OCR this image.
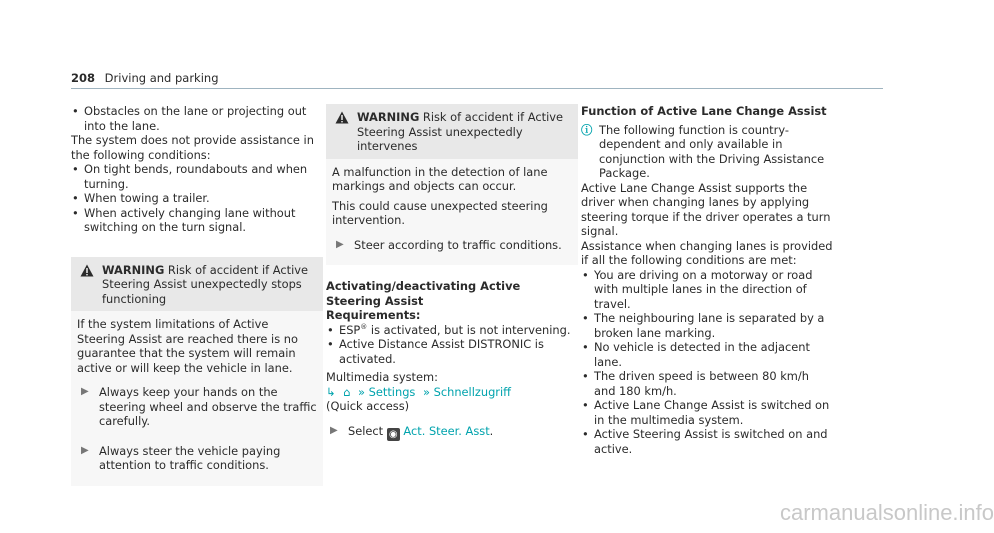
208 Driving and parking

• Obstacles on the lane or projecting out into the lane.

The system does not provide assistance in the following conditions:

• On tight bends, roundabouts and when turning.

• When towing a trailer.

• When actively changing lane without switching on the turn signal.

WARNING Risk of accident if Active Steering Assist unexpectedly stops functioning

If the system limitations of Active Steering Assist are reached there is no guarantee that the system will remain active or will keep the vehicle in lane.

▶ Always keep your hands on the steering wheel and observe the traffic carefully.

▶ Always steer the vehicle paying attention to traffic conditions.

WARNING Risk of accident if Active Steering Assist unexpectedly intervenes

A malfunction in the detection of lane markings and objects can occur.

This could cause unexpected steering intervention.

▶ Steer according to traffic conditions.

Activating/deactivating Active Steering Assist

Requirements:

• ESP® is activated, but is not intervening.

• Active Distance Assist DISTRONIC is activated.

Multimedia system:

↳ ⌂ » Settings » Schnellzugriff

(Quick access)

▶ Select ◉ Act. Steer. Asst.

Function of Active Lane Change Assist

ⓘ The following function is country-dependent and only available in conjunction with the Driving Assistance Package.

Active Lane Change Assist supports the driver when changing lanes by applying steering torque if the driver operates a turn signal.

Assistance when changing lanes is provided if all the following conditions are met:

• You are driving on a motorway or road with multiple lanes in the direction of travel.

• The neighbouring lane is separated by a broken lane marking.

• No vehicle is detected in the adjacent lane.

• The driven speed is between 80 km/h and 180 km/h.

• Active Lane Change Assist is switched on in the multimedia system.

• Active Steering Assist is switched on and active.

carmanualsonline.info
